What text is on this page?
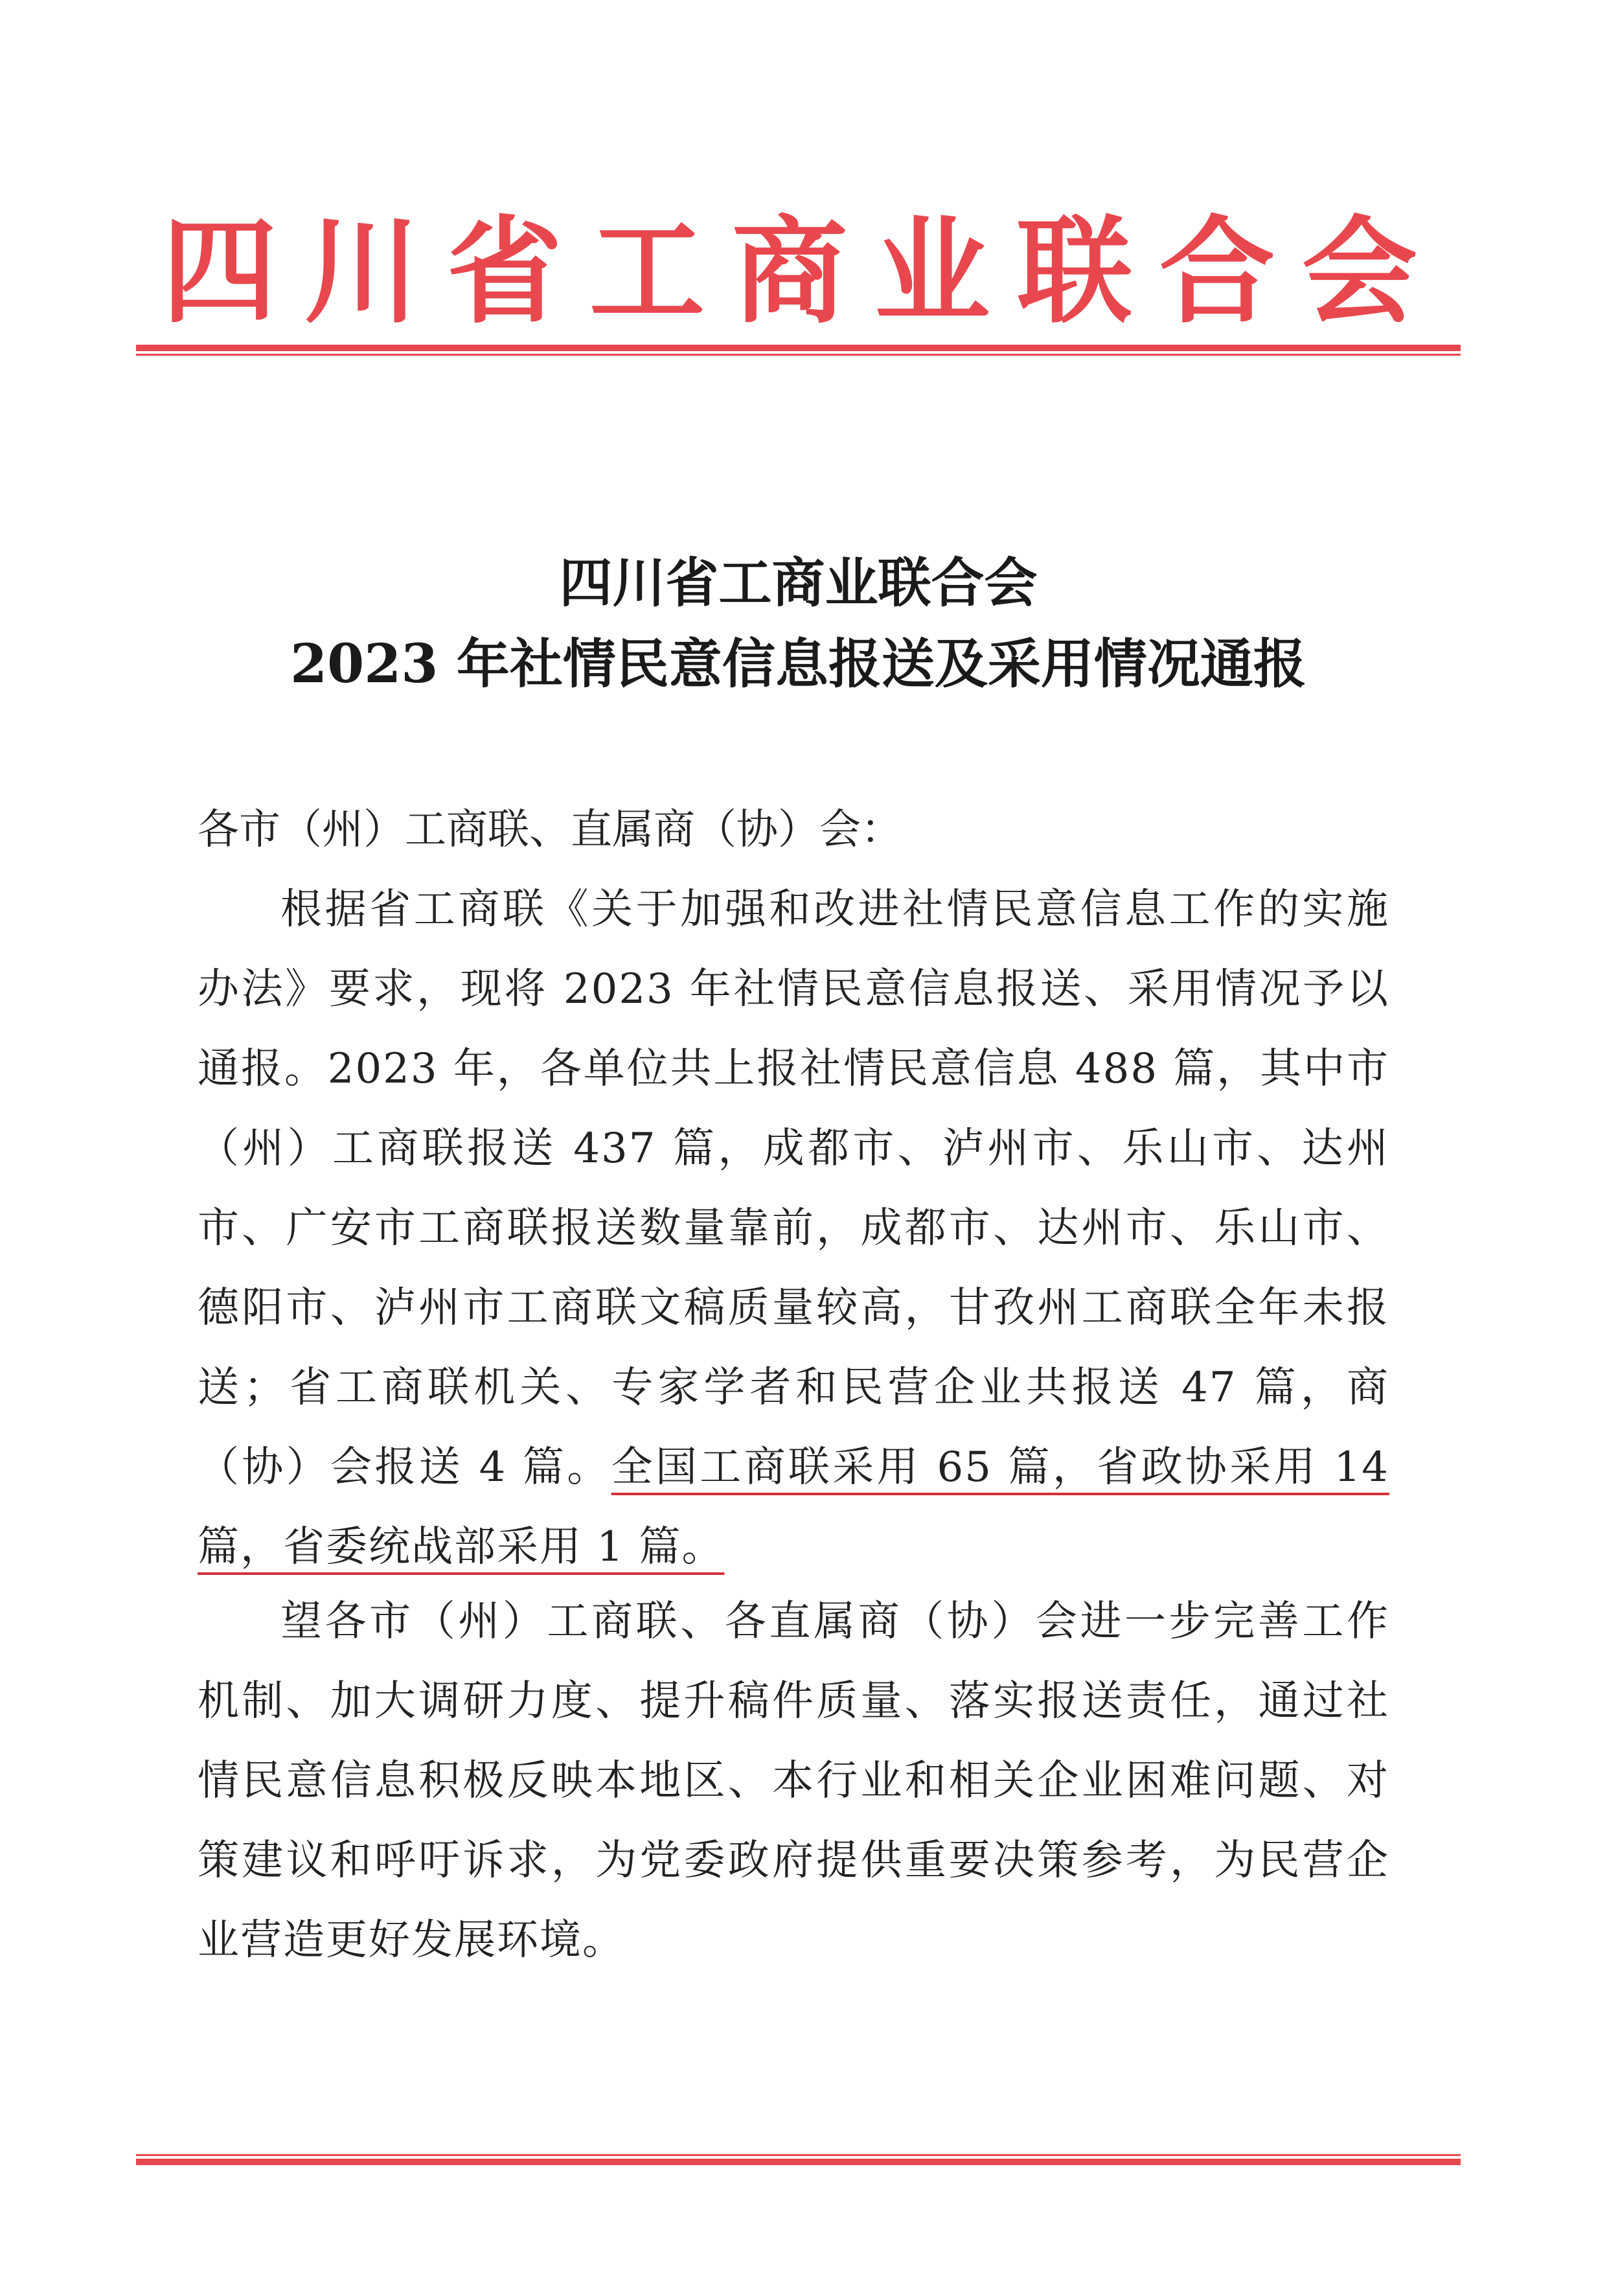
四川省工商业联合会
四川省工商业联合会
2023 年社情民意信息报送及采用情况通报
各市（州）工商联、直属商（协）会：
根据省工商联《关于加强和改进社情民意信息工作的实施办法》要求，现将 2023 年社情民意信息报送、采用情况予以通报。2023 年，各单位共上报社情民意信息 488 篇，其中市（州）工商联报送 437 篇，成都市、泸州市、乐山市、达州市、广安市工商联报送数量靠前，成都市、达州市、乐山市、德阳市、泸州市工商联文稿质量较高，甘孜州工商联全年未报送；省工商联机关、专家学者和民营企业共报送 47 篇，商（协）会报送 4 篇。全国工商联采用 65 篇，省政协采用 14 篇，省委统战部采用 1 篇。
望各市（州）工商联、各直属商（协）会进一步完善工作机制、加大调研力度、提升稿件质量、落实报送责任，通过社情民意信息积极反映本地区、本行业和相关企业困难问题、对策建议和呼吁诉求，为党委政府提供重要决策参考，为民营企业营造更好发展环境。
